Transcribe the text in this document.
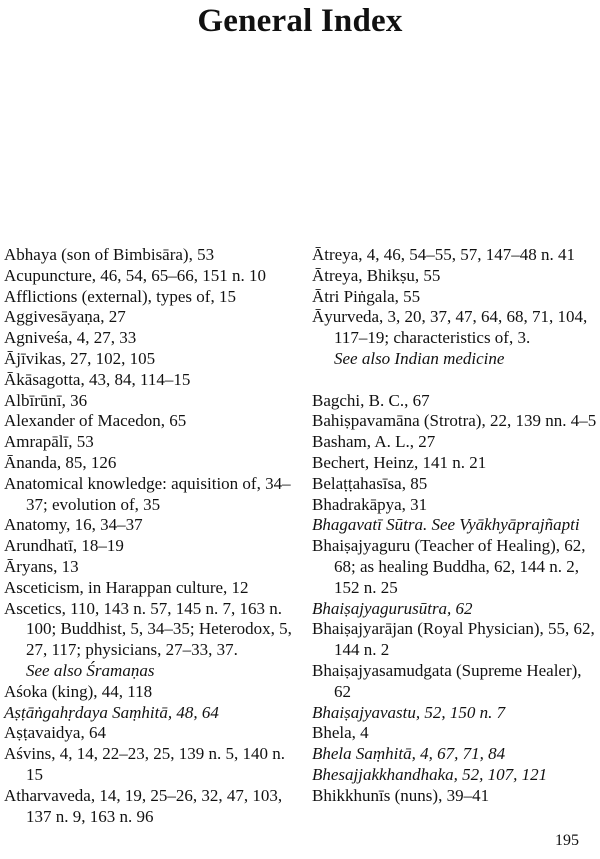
General Index
Abhaya (son of Bimbisāra), 53
Acupuncture, 46, 54, 65–66, 151 n. 10
Afflictions (external), types of, 15
Aggivesāyaṇa, 27
Agniveśa, 4, 27, 33
Ājīvikas, 27, 102, 105
Ākāsagotta, 43, 84, 114–15
Albīrūnī, 36
Alexander of Macedon, 65
Amrapālī, 53
Ānanda, 85, 126
Anatomical knowledge: aquisition of, 34–37; evolution of, 35
Anatomy, 16, 34–37
Arundhatī, 18–19
Āryans, 13
Asceticism, in Harappan culture, 12
Ascetics, 110, 143 n. 57, 145 n. 7, 163 n. 100; Buddhist, 5, 34–35; Heterodox, 5, 27, 117; physicians, 27–33, 37.
See also Śramaṇas
Aśoka (king), 44, 118
Aṣṭāṅgahṛdaya Saṃhitā, 48, 64
Aṣṭavaidya, 64
Aśvins, 4, 14, 22–23, 25, 139 n. 5, 140 n. 15
Atharvaveda, 14, 19, 25–26, 32, 47, 103, 137 n. 9, 163 n. 96
Ātreya, 4, 46, 54–55, 57, 147–48 n. 41
Ātreya, Bhikṣu, 55
Ātri Piṅgala, 55
Āyurveda, 3, 20, 37, 47, 64, 68, 71, 104, 117–19; characteristics of, 3.
See also Indian medicine
Bagchi, B. C., 67
Bahiṣpavamāna (Strotra), 22, 139 nn. 4–5
Basham, A. L., 27
Bechert, Heinz, 141 n. 21
Belaṭṭahasīsa, 85
Bhadrakāpya, 31
Bhagavatī Sūtra. See Vyākhyāprajñapti
Bhaiṣajyaguru (Teacher of Healing), 62, 68; as healing Buddha, 62, 144 n. 2, 152 n. 25
Bhaiṣajyagurusūtra, 62
Bhaiṣajyarājan (Royal Physician), 55, 62, 144 n. 2
Bhaiṣajyasamudgata (Supreme Healer), 62
Bhaiṣajyavastu, 52, 150 n. 7
Bhela, 4
Bhela Saṃhitā, 4, 67, 71, 84
Bhesajjakkhandhaka, 52, 107, 121
Bhikkhunīs (nuns), 39–41
195
